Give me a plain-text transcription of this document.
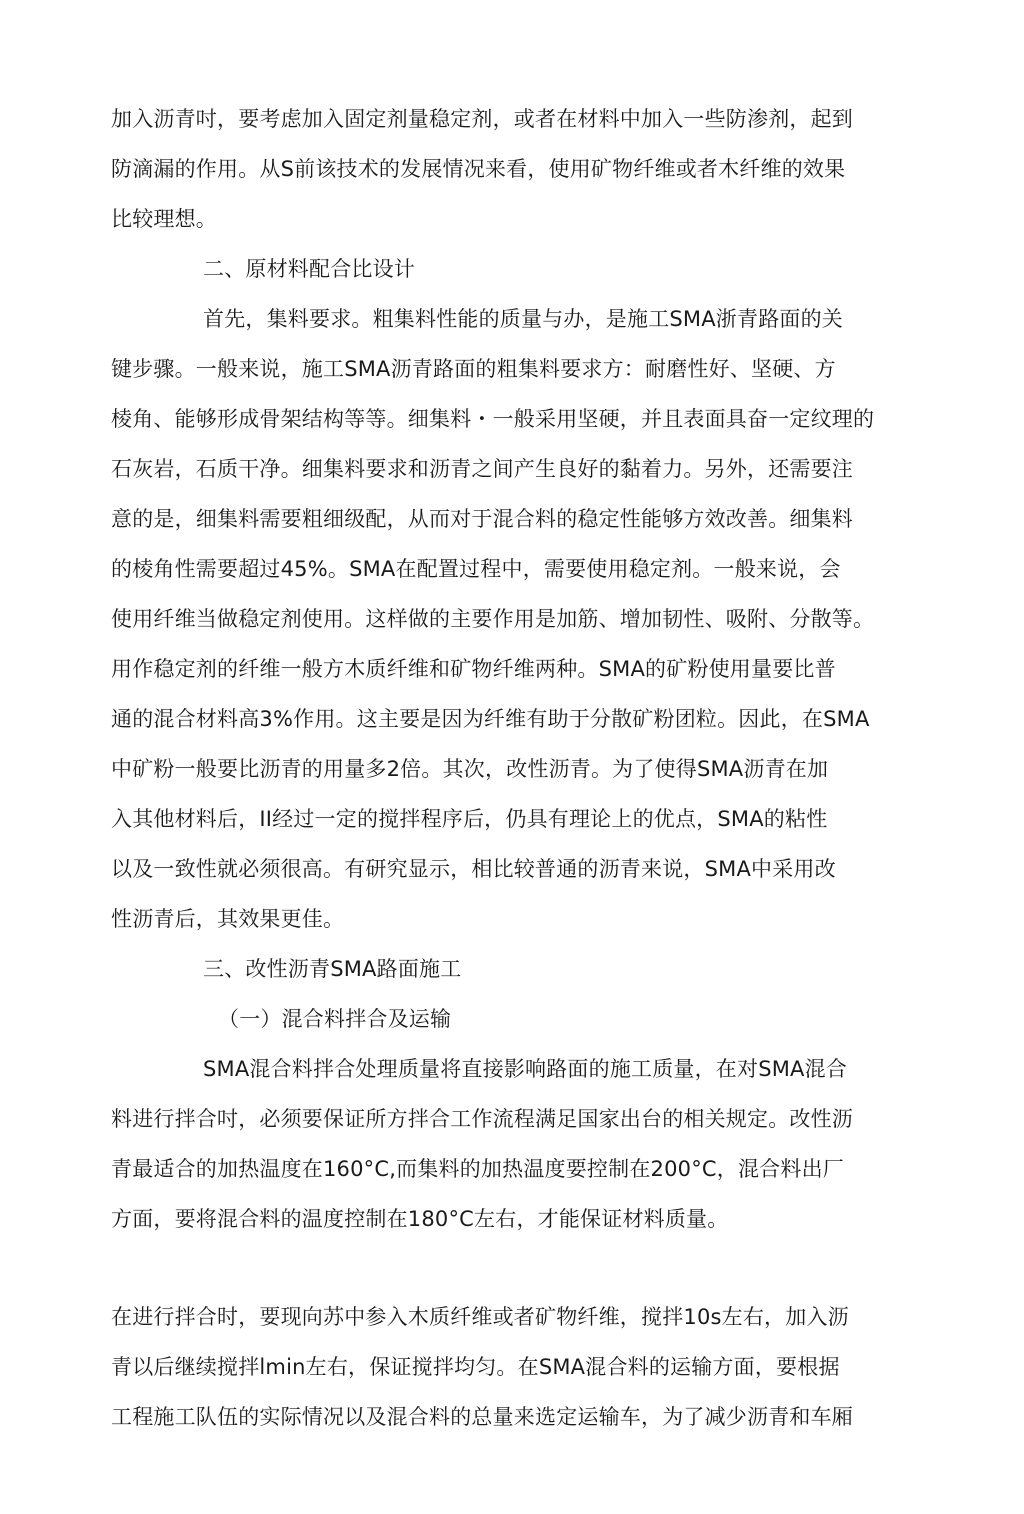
加入沥青吋，要考虑加入固定剂量稳定剂，或者在材料中加入一些防渗剂，起到
防滴漏的作用。从S前该技术的发展情况来看，使用矿物纤维或者木纤维的效果
比较理想。
二、原材料配合比设计
首先，集料要求。粗集料性能的质量与办，是施工SMA浙青路面的关
键步骤。一般来说，施工SMA沥青路面的粗集料要求方：耐磨性好、坚硬、方
棱角、能够形成骨架结构等等。细集料・一般采用坚硬，并且表面具奋一定纹理的
石灰岩，石质干净。细集料要求和沥青之间产生良好的黏着力。另外，还需要注
意的是，细集料需要粗细级配，从而对于混合料的稳定性能够方效改善。细集料
的棱角性需要超过45%。SMA在配置过程中，需要使用稳定剂。一般来说，会
使用纤维当做稳定剂使用。这样做的主要作用是加筋、增加韧性、吸附、分散等。
用作稳定剂的纤维一般方木质纤维和矿物纤维两种。SMA的矿粉使用量要比普
通的混合材料高3%作用。这主要是因为纤维有助于分散矿粉团粒。因此，在SMA
中矿粉一般要比沥青的用量多2倍。其次，改性沥青。为了使得SMA沥青在加
入其他材料后，II经过一定的搅拌程序后，仍具有理论上的优点，SMA的粘性
以及一致性就必须很高。有研究显示，相比较普通的沥青来说，SMA中采用改
性沥青后，其效果更佳。
三、改性沥青SMA路面施工
（一）混合料拌合及运输
SMA混合料拌合处理质量将直接影响路面的施工质量，在对SMA混合
料进行拌合吋，必须要保证所方拌合工作流程满足国家出台的相关规定。改性沥
青最适合的加热温度在160°C,而集料的加热温度要控制在200°C，混合料出厂
方面，要将混合料的温度控制在180°C左右，才能保证材料质量。
在进行拌合时，要现向苏中参入木质纤维或者矿物纤维，搅拌10s左右，加入沥
青以后继续搅拌lmin左右，保证搅拌均匀。在SMA混合料的运输方面，要根据
工程施工队伍的实际情况以及混合料的总量来选定运输车，为了减少沥青和车厢
